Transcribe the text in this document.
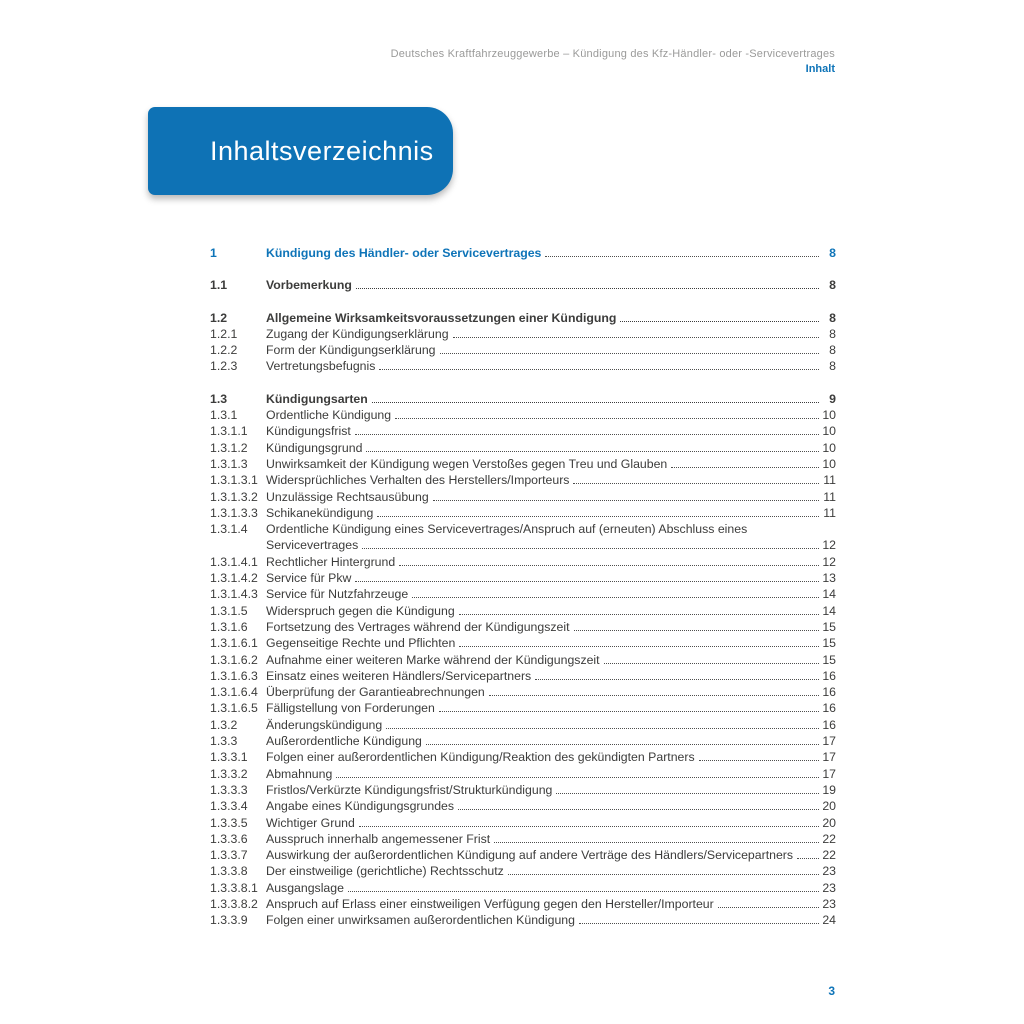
Deutsches Kraftfahrzeuggewerbe – Kündigung des Kfz-Händler- oder -Servicevertrages
Inhalt
Inhaltsverzeichnis
1	Kündigung des Händler- oder Servicevertrages	8
1.1	Vorbemerkung	8
1.2	Allgemeine Wirksamkeitsvoraussetzungen einer Kündigung	8
1.2.1	Zugang der Kündigungserklärung	8
1.2.2	Form der Kündigungserklärung	8
1.2.3	Vertretungsbefugnis	8
1.3	Kündigungsarten	9
1.3.1	Ordentliche Kündigung	10
1.3.1.1	Kündigungsfrist	10
1.3.1.2	Kündigungsgrund	10
1.3.1.3	Unwirksamkeit der Kündigung wegen Verstoßes gegen Treu und Glauben	10
1.3.1.3.1 Widersprüchliches Verhalten des Herstellers/Importeurs	11
1.3.1.3.2 Unzulässige Rechtsausübung	11
1.3.1.3.3 Schikanekündigung	11
1.3.1.4	Ordentliche Kündigung eines Servicevertrages/Anspruch auf (erneuten) Abschluss eines
Servicevertrages	12
1.3.1.4.1 Rechtlicher Hintergrund	12
1.3.1.4.2 Service für Pkw	13
1.3.1.4.3 Service für Nutzfahrzeuge	14
1.3.1.5	Widerspruch gegen die Kündigung	14
1.3.1.6	Fortsetzung des Vertrages während der Kündigungszeit	15
1.3.1.6.1 Gegenseitige Rechte und Pflichten	15
1.3.1.6.2 Aufnahme einer weiteren Marke während der Kündigungszeit	15
1.3.1.6.3 Einsatz eines weiteren Händlers/Servicepartners	16
1.3.1.6.4 Überprüfung der Garantieabrechnungen	16
1.3.1.6.5 Fälligstellung von Forderungen	16
1.3.2	Änderungskündigung	16
1.3.3	Außerordentliche Kündigung	17
1.3.3.1	Folgen einer außerordentlichen Kündigung/Reaktion des gekündigten Partners	17
1.3.3.2	Abmahnung	17
1.3.3.3	Fristlos/Verkürzte Kündigungsfrist/Strukturkündigung	19
1.3.3.4	Angabe eines Kündigungsgrundes	20
1.3.3.5	Wichtiger Grund	20
1.3.3.6	Ausspruch innerhalb angemessener Frist	22
1.3.3.7	Auswirkung der außerordentlichen Kündigung auf andere Verträge des Händlers/Servicepartners 22
1.3.3.8	Der einstweilige (gerichtliche) Rechtsschutz	23
1.3.3.8.1 Ausgangslage	23
1.3.3.8.2 Anspruch auf Erlass einer einstweiligen Verfügung gegen den Hersteller/Importeur	23
1.3.3.9	Folgen einer unwirksamen außerordentlichen Kündigung	24
3
